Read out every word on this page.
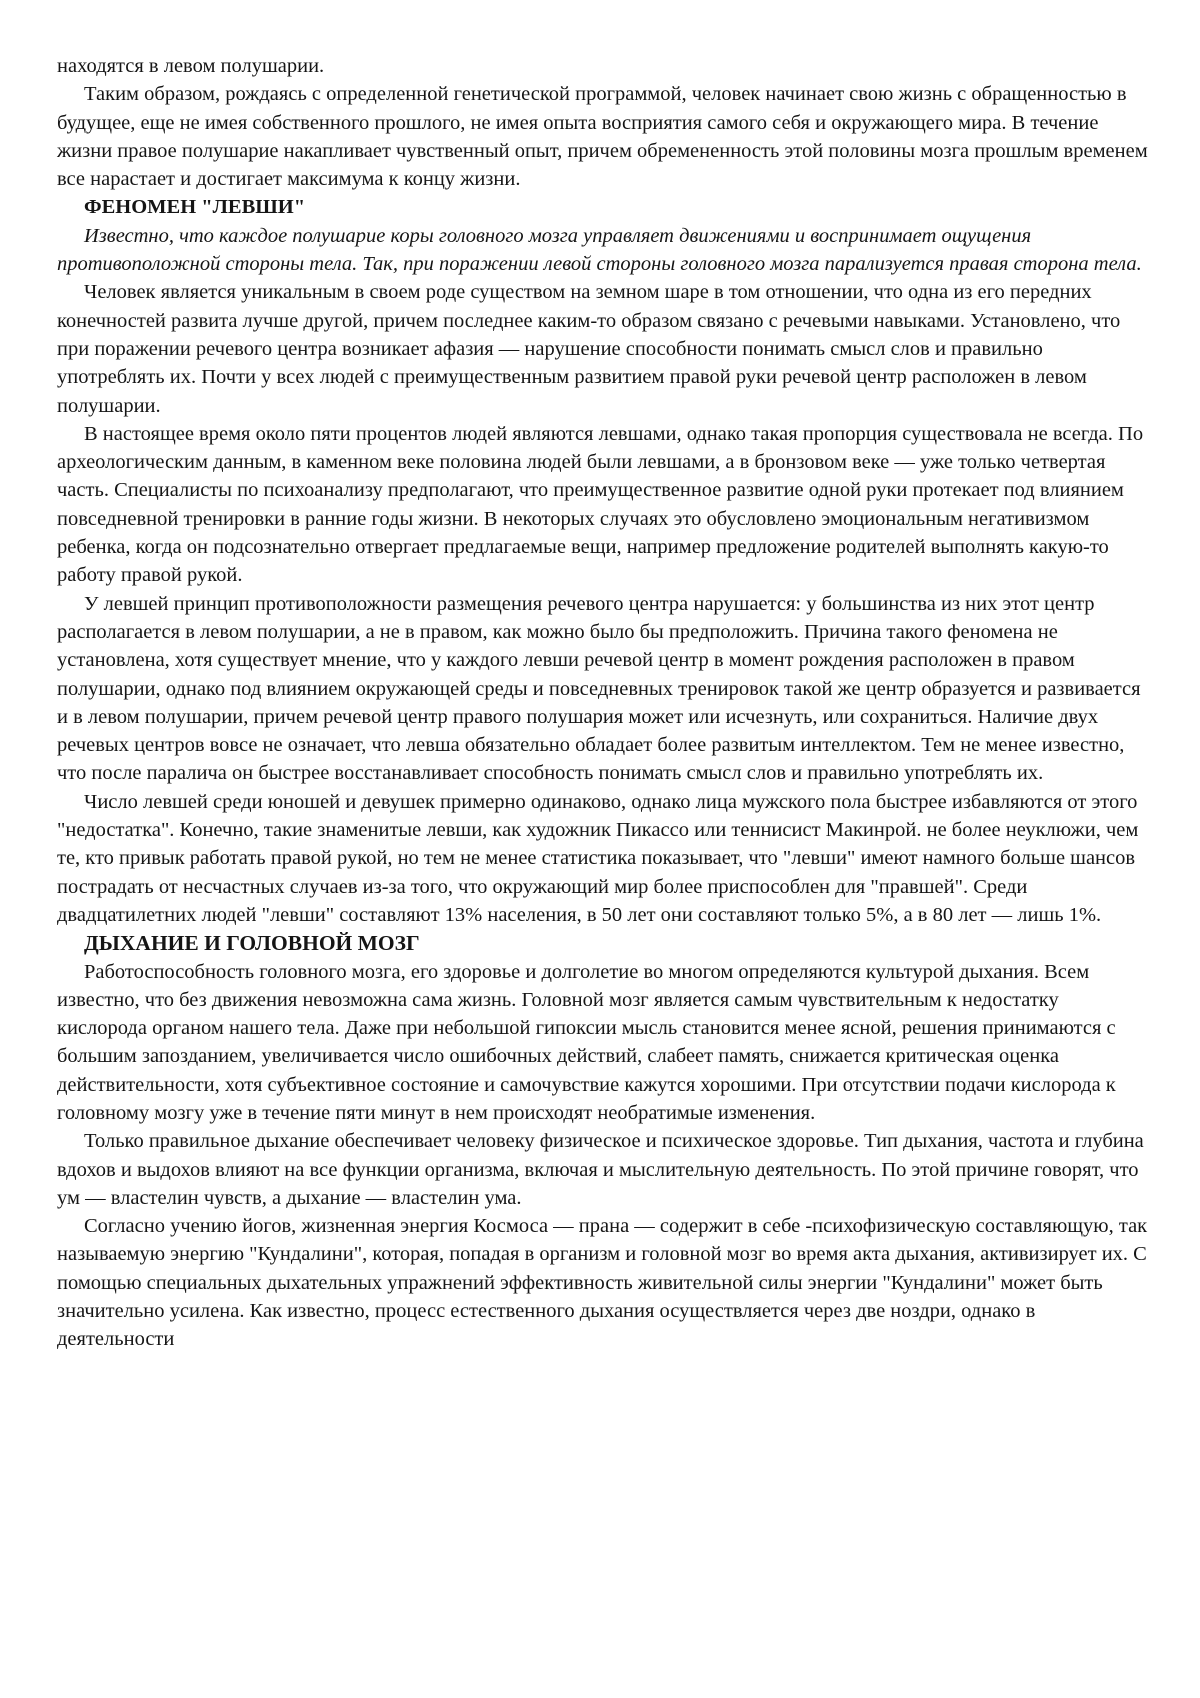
находятся в левом полушарии.

Таким образом, рождаясь с определенной генетической программой, человек начинает свою жизнь с обращенностью в будущее, еще не имея собственного прошлого, не имея опыта восприятия самого себя и окружающего мира. В течение жизни правое полушарие накапливает чувственный опыт, причем обремененность этой половины мозга прошлым временем все нарастает и достигает максимума к концу жизни.

ФЕНОМЕН "ЛЕВШИ"

Известно, что каждое полушарие коры головного мозга управляет движениями и воспринимает ощущения противоположной стороны тела. Так, при поражении левой стороны головного мозга парализуется правая сторона тела.

Человек является уникальным в своем роде существом на земном шаре в том отношении, что одна из его передних конечностей развита лучше другой, причем последнее каким-то образом связано с речевыми навыками. Установлено, что при поражении речевого центра возникает афазия — нарушение способности понимать смысл слов и правильно употреблять их. Почти у всех людей с преимущественным развитием правой руки речевой центр расположен в левом полушарии.

В настоящее время около пяти процентов людей являются левшами, однако такая пропорция существовала не всегда. По археологическим данным, в каменном веке половина людей были левшами, а в бронзовом веке — уже только четвертая часть. Специалисты по психоанализу предполагают, что преимущественное развитие одной руки протекает под влиянием повседневной тренировки в ранние годы жизни. В некоторых случаях это обусловлено эмоциональным негативизмом ребенка, когда он подсознательно отвергает предлагаемые вещи, например предложение родителей выполнять какую-то работу правой рукой.

У левшей принцип противоположности размещения речевого центра нарушается: у большинства из них этот центр располагается в левом полушарии, а не в правом, как можно было бы предположить. Причина такого феномена не установлена, хотя существует мнение, что у каждого левши речевой центр в момент рождения расположен в правом полушарии, однако под влиянием окружающей среды и повседневных тренировок такой же центр образуется и развивается и в левом полушарии, причем речевой центр правого полушария может или исчезнуть, или сохраниться. Наличие двух речевых центров вовсе не означает, что левша обязательно обладает более развитым интеллектом. Тем не менее известно, что после паралича он быстрее восстанавливает способность понимать смысл слов и правильно употреблять их.

Число левшей среди юношей и девушек примерно одинаково, однако лица мужского пола быстрее избавляются от этого "недостатка". Конечно, такие знаменитые левши, как художник Пикассо или теннисист Макинрой. не более неуклюжи, чем те, кто привык работать правой рукой, но тем не менее статистика показывает, что "левши" имеют намного больше шансов пострадать от несчастных случаев из-за того, что окружающий мир более приспособлен для "правшей". Среди двадцатилетних людей "левши" составляют 13% населения, в 50 лет они составляют только 5%, а в 80 лет — лишь 1%.

ДЫХАНИЕ И ГОЛОВНОЙ МОЗГ

Работоспособность головного мозга, его здоровье и долголетие во многом определяются культурой дыхания. Всем известно, что без движения невозможна сама жизнь. Головной мозг является самым чувствительным к недостатку кислорода органом нашего тела. Даже при небольшой гипоксии мысль становится менее ясной, решения принимаются с большим запозданием, увеличивается число ошибочных действий, слабеет память, снижается критическая оценка действительности, хотя субъективное состояние и самочувствие кажутся хорошими. При отсутствии подачи кислорода к головному мозгу уже в течение пяти минут в нем происходят необратимые изменения.

Только правильное дыхание обеспечивает человеку физическое и психическое здоровье. Тип дыхания, частота и глубина вдохов и выдохов влияют на все функции организма, включая и мыслительную деятельность. По этой причине говорят, что ум — властелин чувств, а дыхание — властелин ума.

Согласно учению йогов, жизненная энергия Космоса — прана — содержит в себе -психофизическую составляющую, так называемую энергию "Кундалини", которая, попадая в организм и головной мозг во время акта дыхания, активизирует их. С помощью специальных дыхательных упражнений эффективность живительной силы энергии "Кундалини" может быть значительно усилена. Как известно, процесс естественного дыхания осуществляется через две ноздри, однако в деятельности
